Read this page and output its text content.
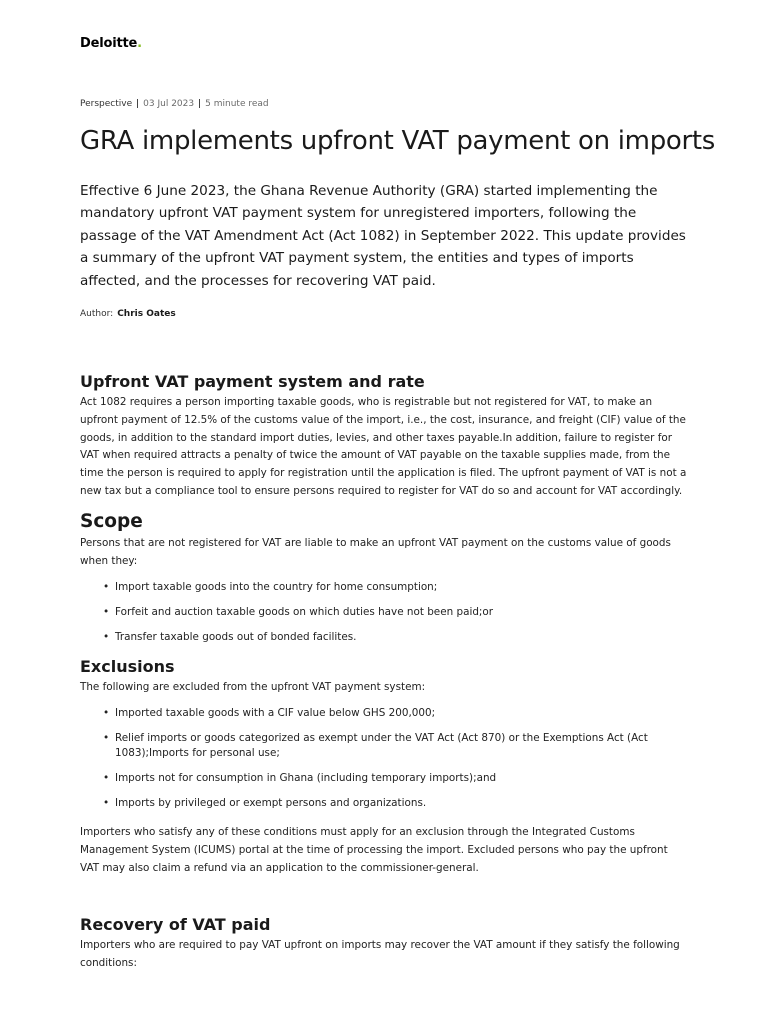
Deloitte.
Perspective | 03 Jul 2023 | 5 minute read
GRA implements upfront VAT payment on imports

Effective 6 June 2023, the Ghana Revenue Authority (GRA) started implementing the mandatory upfront VAT payment system for unregistered importers, following the passage of the VAT Amendment Act (Act 1082) in September 2022. This update provides a summary of the upfront VAT payment system, the entities and types of imports affected, and the processes for recovering VAT paid.

Author: Chris Oates
Upfront VAT payment system and rate

Act 1082 requires a person importing taxable goods, who is registrable but not registered for VAT, to make an upfront payment of 12.5% of the customs value of the import, i.e., the cost, insurance, and freight (CIF) value of the goods, in addition to the standard import duties, levies, and other taxes payable.In addition, failure to register for VAT when required attracts a penalty of twice the amount of VAT payable on the taxable supplies made, from the time the person is required to apply for registration until the application is filed. The upfront payment of VAT is not a new tax but a compliance tool to ensure persons required to register for VAT do so and account for VAT accordingly.

Scope

Persons that are not registered for VAT are liable to make an upfront VAT payment on the customs value of goods when they:

• Import taxable goods into the country for home consumption;
• Forfeit and auction taxable goods on which duties have not been paid;or
• Transfer taxable goods out of bonded facilites.
Exclusions

The following are excluded from the upfront VAT payment system:

• Imported taxable goods with a CIF value below GHS 200,000;
• Relief imports or goods categorized as exempt under the VAT Act (Act 870) or the Exemptions Act (Act 1083);Imports for personal use;
• Imports not for consumption in Ghana (including temporary imports);and
• Imports by privileged or exempt persons and organizations.

Importers who satisfy any of these conditions must apply for an exclusion through the Integrated Customs Management System (ICUMS) portal at the time of processing the import. Excluded persons who pay the upfront VAT may also claim a refund via an application to the commissioner-general.

Recovery of VAT paid

Importers who are required to pay VAT upfront on imports may recover the VAT amount if they satisfy the following conditions:
